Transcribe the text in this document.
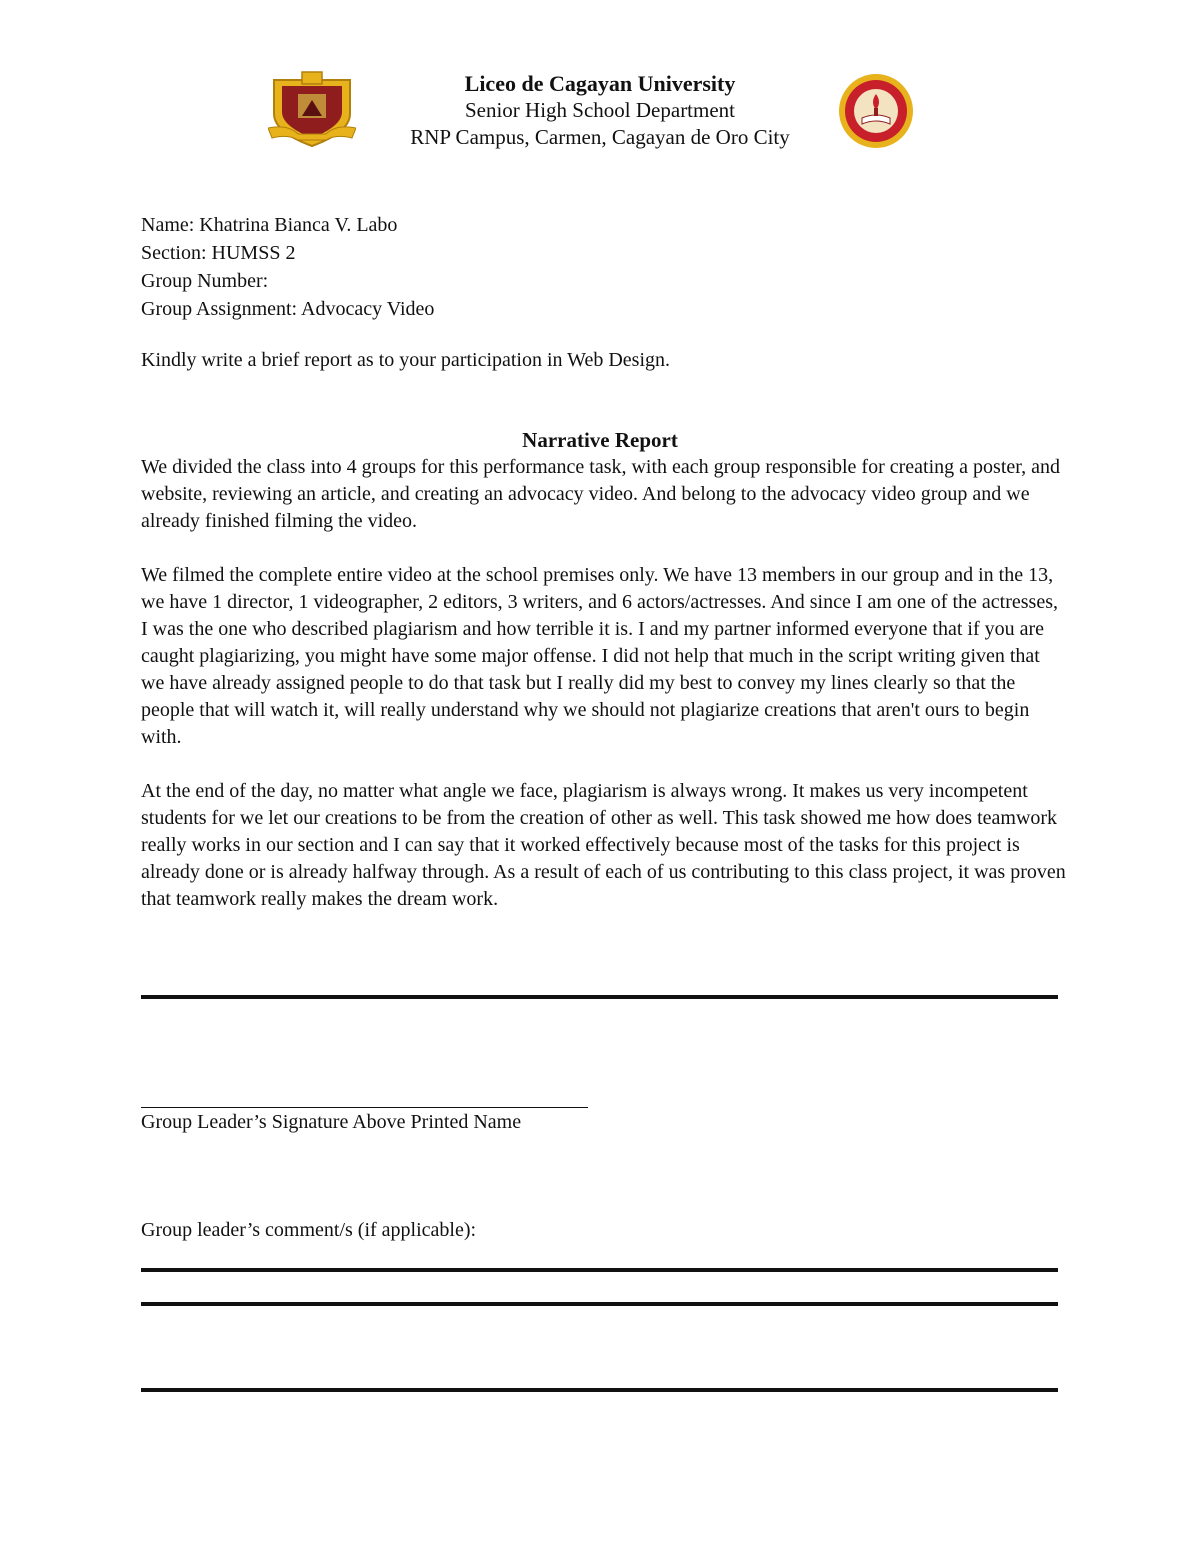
Liceo de Cagayan University
Senior High School Department
RNP Campus, Carmen, Cagayan de Oro City
Name: Khatrina Bianca V. Labo
Section: HUMSS 2
Group Number:
Group Assignment: Advocacy Video
Kindly write a brief report as to your participation in Web Design.
Narrative Report

We divided the class into 4 groups for this performance task, with each group responsible for creating a poster, and website, reviewing an article, and creating an advocacy video. And belong to the advocacy video group and we already finished filming the video.

We filmed the complete entire video at the school premises only. We have 13 members in our group and in the 13, we have 1 director, 1 videographer, 2 editors, 3 writers, and 6 actors/actresses. And since I am one of the actresses, I was the one who described plagiarism and how terrible it is. I and my partner informed everyone that if you are caught plagiarizing, you might have some major offense. I did not help that much in the script writing given that we have already assigned people to do that task but I really did my best to convey my lines clearly so that the people that will watch it, will really understand why we should not plagiarize creations that aren't ours to begin with.

At the end of the day, no matter what angle we face, plagiarism is always wrong. It makes us very incompetent students for we let our creations to be from the creation of other as well. This task showed me how does teamwork really works in our section and I can say that it worked effectively because most of the tasks for this project is already done or is already halfway through. As a result of each of us contributing to this class project, it was proven that teamwork really makes the dream work.

Group Leader’s Signature Above Printed Name
Group leader’s comment/s (if applicable):
